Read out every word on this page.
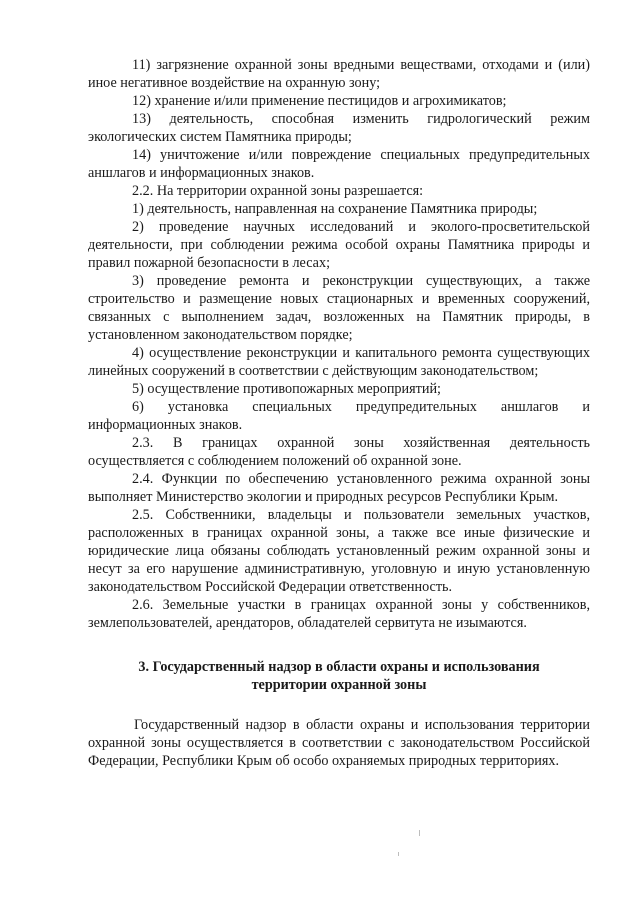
11) загрязнение охранной зоны вредными веществами, отходами и (или) иное негативное воздействие на охранную зону;

12) хранение и/или применение пестицидов и агрохимикатов;

13) деятельность, способная изменить гидрологический режим экологических систем Памятника природы;

14) уничтожение и/или повреждение специальных предупредительных аншлагов и информационных знаков.

2.2. На территории охранной зоны разрешается:

1) деятельность, направленная на сохранение Памятника природы;

2) проведение научных исследований и эколого-просветительской деятельности, при соблюдении режима особой охраны Памятника природы и правил пожарной безопасности в лесах;

3) проведение ремонта и реконструкции существующих, а также строительство и размещение новых стационарных и временных сооружений, связанных с выполнением задач, возложенных на Памятник природы, в установленном законодательством порядке;

4) осуществление реконструкции и капитального ремонта существующих линейных сооружений в соответствии с действующим законодательством;

5) осуществление противопожарных мероприятий;

6) установка специальных предупредительных аншлагов и информационных знаков.

2.3. В границах охранной зоны хозяйственная деятельность осуществляется с соблюдением положений об охранной зоне.

2.4. Функции по обеспечению установленного режима охранной зоны выполняет Министерство экологии и природных ресурсов Республики Крым.

2.5. Собственники, владельцы и пользователи земельных участков, расположенных в границах охранной зоны, а также все иные физические и юридические лица обязаны соблюдать установленный режим охранной зоны и несут за его нарушение административную, уголовную и иную установленную законодательством Российской Федерации ответственность.

2.6. Земельные участки в границах охранной зоны у собственников, землепользователей, арендаторов, обладателей сервитута не изымаются.

3. Государственный надзор в области охраны и использования
территории охранной зоны

Государственный надзор в области охраны и использования территории охранной зоны осуществляется в соответствии с законодательством Российской Федерации, Республики Крым об особо охраняемых природных территориях.
